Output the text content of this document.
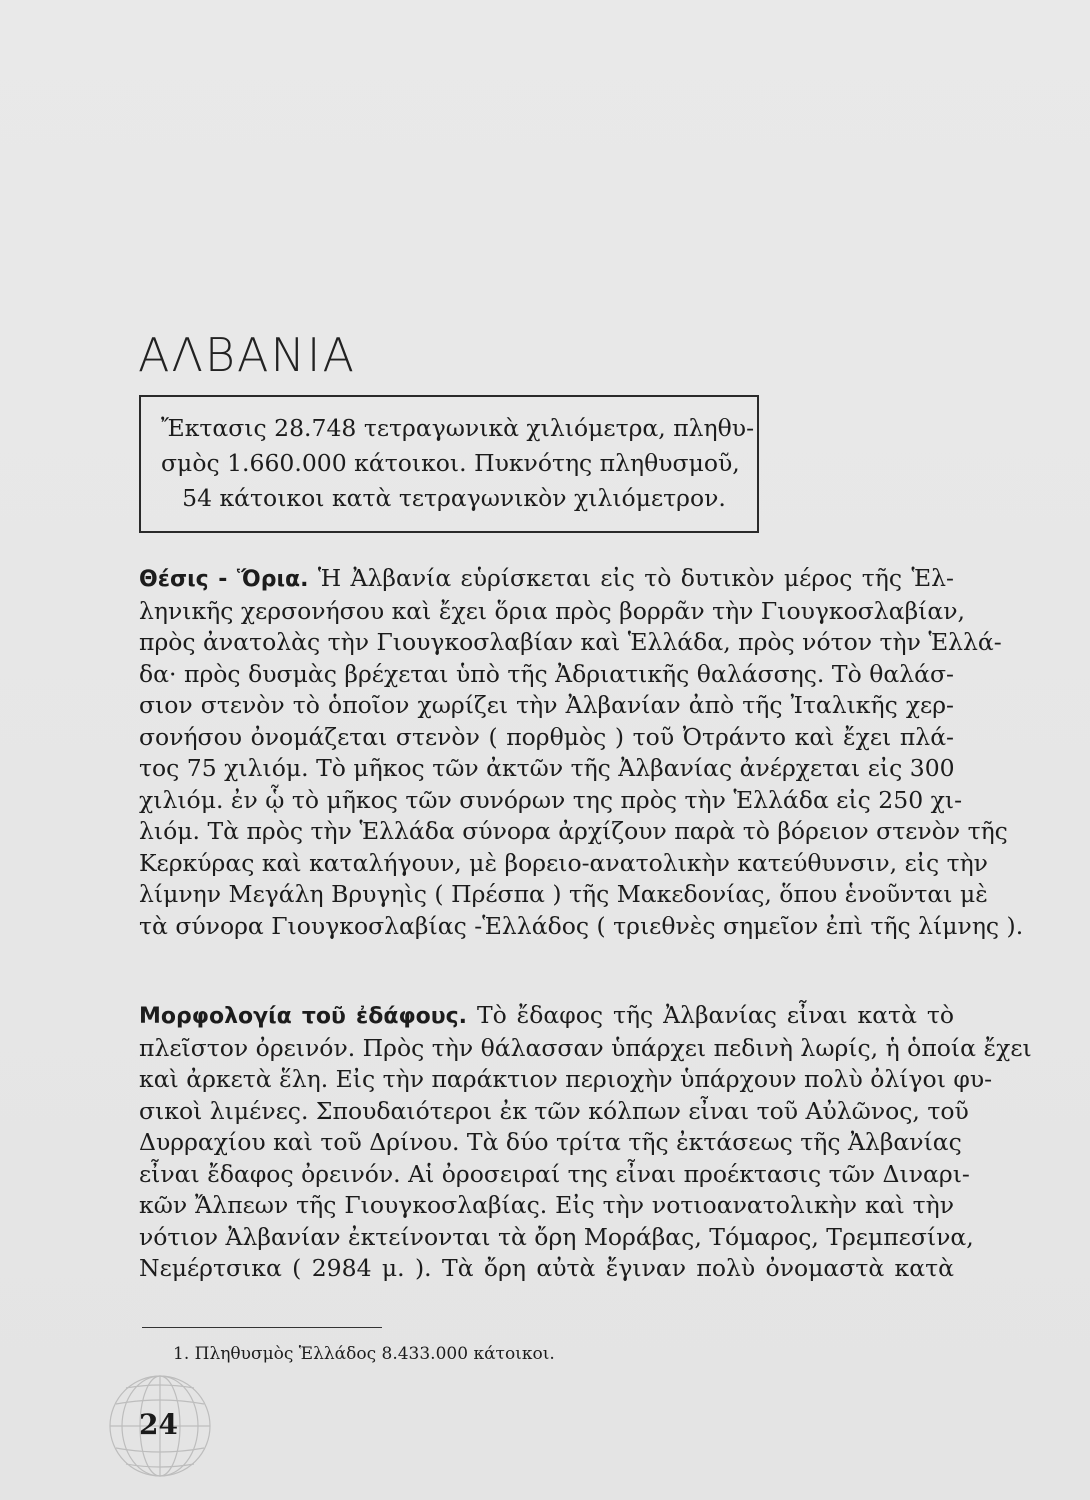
ΑΛΒΑΝΙΑ

Ἔκτασις 28.748 τετραγωνικὰ χιλιόμετρα, πληθυ-

σμὸς 1.660.000 κάτοικοι. Πυκνότης πληθυσμοῦ,

54 κάτοικοι κατὰ τετραγωνικὸν χιλιόμετρον.

Θέσις - Ὅρια. Ἡ Ἀλβανία εὑρίσκεται εἰς τὸ δυτικὸν μέρος τῆς Ἑλ-

ληνικῆς χερσονήσου καὶ ἔχει ὅρια πρὸς βορρᾶν τὴν Γιουγκοσλαβίαν,

πρὸς ἀνατολὰς τὴν Γιουγκοσλαβίαν καὶ Ἑλλάδα, πρὸς νότον τὴν Ἑλλά-

δα· πρὸς δυσμὰς βρέχεται ὑπὸ τῆς Ἀδριατικῆς θαλάσσης. Τὸ θαλάσ-

σιον στενὸν τὸ ὁποῖον χωρίζει τὴν Ἀλβανίαν ἀπὸ τῆς Ἰταλικῆς χερ-

σονήσου ὀνομάζεται στενὸν ( πορθμὸς ) τοῦ Ὀτράντο καὶ ἔχει πλά-

τος 75 χιλιόμ. Τὸ μῆκος τῶν ἀκτῶν τῆς Ἀλβανίας ἀνέρχεται εἰς 300

χιλιόμ. ἐν ᾧ τὸ μῆκος τῶν συνόρων της πρὸς τὴν Ἑλλάδα εἰς 250 χι-

λιόμ. Τὰ πρὸς τὴν Ἑλλάδα σύνορα ἀρχίζουν παρὰ τὸ βόρειον στενὸν τῆς

Κερκύρας καὶ καταλήγουν, μὲ βορειο-ανατολικὴν κατεύθυνσιν, εἰς τὴν

λίμνην Μεγάλη Βρυγηὶς ( Πρέσπα ) τῆς Μακεδονίας, ὅπου ἑνοῦνται μὲ

τὰ σύνορα Γιουγκοσλαβίας -Ἑλλάδος ( τριεθνὲς σημεῖον ἐπὶ τῆς λίμνης ).

Μορφολογία τοῦ ἐδάφους. Τὸ ἔδαφος τῆς Ἀλβανίας εἶναι κατὰ τὸ

πλεῖστον ὀρεινόν. Πρὸς τὴν θάλασσαν ὑπάρχει πεδινὴ λωρίς, ἡ ὁποία ἔχει

καὶ ἀρκετὰ ἕλη. Εἰς τὴν παράκτιον περιοχὴν ὑπάρχουν πολὺ ὀλίγοι φυ-

σικοὶ λιμένες. Σπουδαιότεροι ἐκ τῶν κόλπων εἶναι τοῦ Αὐλῶνος, τοῦ

Δυρραχίου καὶ τοῦ Δρίνου. Τὰ δύο τρίτα τῆς ἐκτάσεως τῆς Ἀλβανίας

εἶναι ἔδαφος ὀρεινόν. Αἱ ὀροσειραί της εἶναι προέκτασις τῶν Διναρι-

κῶν Ἄλπεων τῆς Γιουγκοσλαβίας. Εἰς τὴν νοτιοανατολικὴν καὶ τὴν

νότιον Ἀλβανίαν ἐκτείνονται τὰ ὄρη Μοράβας, Τόμαρος, Τρεμπεσίνα,

Νεμέρτσικα ( 2984 μ. ). Τὰ ὄρη αὐτὰ ἔγιναν πολὺ ὀνομαστὰ κατὰ

1. Πληθυσμὸς Ἑλλάδος 8.433.000 κάτοικοι.

24
